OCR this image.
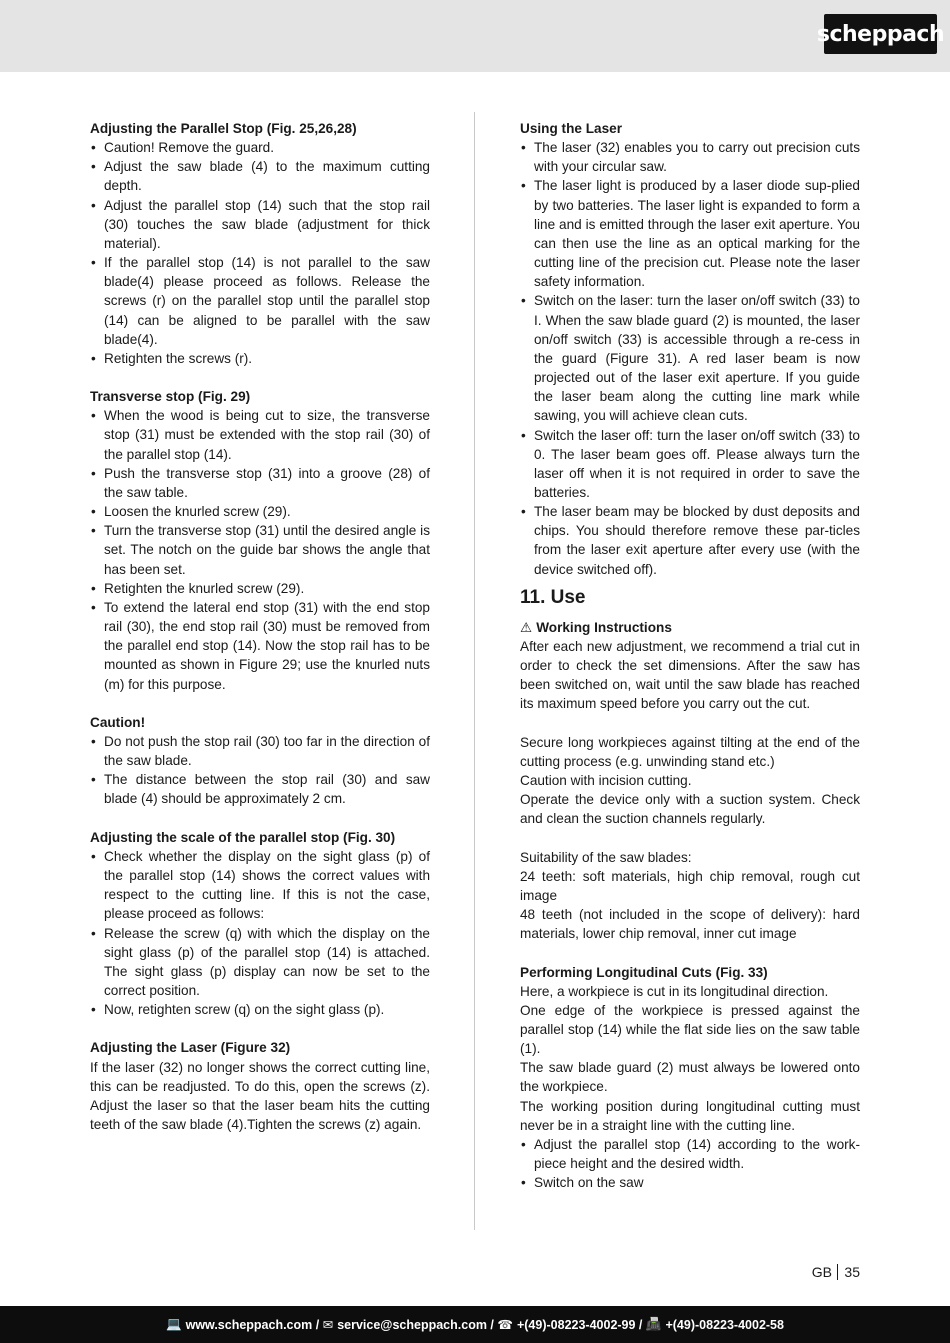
scheppach
Adjusting the Parallel Stop (Fig. 25,26,28)
• Caution! Remove the guard.
• Adjust the saw blade (4) to the maximum cutting depth.
• Adjust the parallel stop (14) such that the stop rail (30) touches the saw blade (adjustment for thick material).
• If the parallel stop (14) is not parallel to the saw blade(4) please proceed as follows. Release the screws (r) on the parallel stop until the parallel stop (14) can be aligned to be parallel with the saw blade(4).
• Retighten the screws (r).
Transverse stop (Fig. 29)
• When the wood is being cut to size, the transverse stop (31) must be extended with the stop rail (30) of the parallel stop (14).
• Push the transverse stop (31) into a groove (28) of the saw table.
• Loosen the knurled screw (29).
• Turn the transverse stop (31) until the desired angle is set. The notch on the guide bar shows the angle that has been set.
• Retighten the knurled screw (29).
• To extend the lateral end stop (31) with the end stop rail (30), the end stop rail (30) must be removed from the parallel end stop (14). Now the stop rail has to be mounted as shown in Figure 29; use the knurled nuts (m) for this purpose.
Caution!
• Do not push the stop rail (30) too far in the direction of the saw blade.
• The distance between the stop rail (30) and saw blade (4) should be approximately 2 cm.
Adjusting the scale of the parallel stop (Fig. 30)
• Check whether the display on the sight glass (p) of the parallel stop (14) shows the correct values with respect to the cutting line. If this is not the case, please proceed as follows:
• Release the screw (q) with which the display on the sight glass (p) of the parallel stop (14) is attached. The sight glass (p) display can now be set to the correct position.
• Now, retighten screw (q) on the sight glass (p).
Adjusting the Laser (Figure 32)

If the laser (32) no longer shows the correct cutting line, this can be readjusted. To do this, open the screws (z). Adjust the laser so that the laser beam hits the cutting teeth of the saw blade (4).Tighten the screws (z) again.

Using the Laser
• The laser (32) enables you to carry out precision cuts with your circular saw.
• The laser light is produced by a laser diode sup-plied by two batteries. The laser light is expanded to form a line and is emitted through the laser exit aperture. You can then use the line as an optical marking for the cutting line of the precision cut. Please note the laser safety information.
• Switch on the laser: turn the laser on/off switch (33) to I. When the saw blade guard (2) is mounted, the laser on/off switch (33) is accessible through a re-cess in the guard (Figure 31). A red laser beam is now projected out of the laser exit aperture. If you guide the laser beam along the cutting line mark while sawing, you will achieve clean cuts.
• Switch the laser off: turn the laser on/off switch (33) to 0. The laser beam goes off. Please always turn the laser off when it is not required in order to save the batteries.
• The laser beam may be blocked by dust deposits and chips. You should therefore remove these par-ticles from the laser exit aperture after every use (with the device switched off).
11. Use
⚠ Working Instructions

After each new adjustment, we recommend a trial cut in order to check the set dimensions. After the saw has been switched on, wait until the saw blade has reached its maximum speed before you carry out the cut.

Secure long workpieces against tilting at the end of the cutting process (e.g. unwinding stand etc.)

Caution with incision cutting.

Operate the device only with a suction system. Check and clean the suction channels regularly.

Suitability of the saw blades:

24 teeth: soft materials, high chip removal, rough cut image

48 teeth (not included in the scope of delivery): hard materials, lower chip removal, inner cut image

Performing Longitudinal Cuts (Fig. 33)

Here, a workpiece is cut in its longitudinal direction.

One edge of the workpiece is pressed against the parallel stop (14) while the flat side lies on the saw table (1).

The saw blade guard (2) must always be lowered onto the workpiece.

The working position during longitudinal cutting must never be in a straight line with the cutting line.

• Adjust the parallel stop (14) according to the work-piece height and the desired width.
• Switch on the saw
GB 35
💻 www.scheppach.com /
✉ service@scheppach.com /
☎ +(49)-08223-4002-99 /
📠 +(49)-08223-4002-58
